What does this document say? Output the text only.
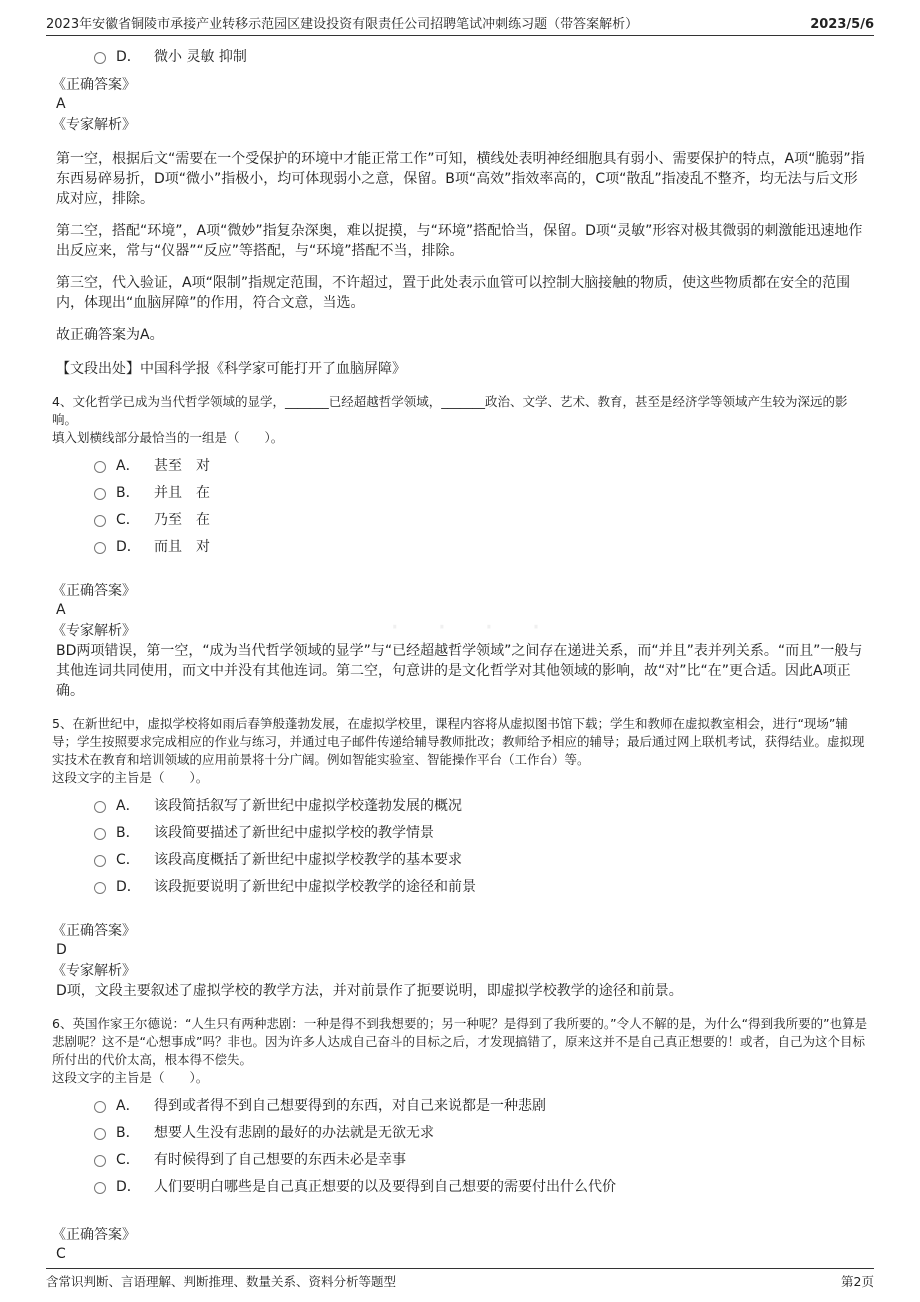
2023年安徽省铜陵市承接产业转移示范园区建设投资有限责任公司招聘笔试冲刺练习题（带答案解析）	2023/5/6
· · · ·
D． 微小 灵敏 抑制
《正确答案》
A
《专家解析》
第一空，根据后文“需要在一个受保护的环境中才能正常工作”可知，横线处表明神经细胞具有弱小、需要保护的特点，A项“脆弱”指东西易碎易折，D项“微小”指极小，均可体现弱小之意，保留。B项“高效”指效率高的，C项“散乱”指凌乱不整齐，均无法与后文形成对应，排除。
第二空，搭配“环境”，A项“微妙”指复杂深奥，难以捉摸，与“环境”搭配恰当，保留。D项“灵敏”形容对极其微弱的刺激能迅速地作出反应来，常与“仪器”“反应”等搭配，与“环境”搭配不当，排除。
第三空，代入验证，A项“限制”指规定范围，不许超过，置于此处表示血管可以控制大脑接触的物质，使这些物质都在安全的范围内，体现出“血脑屏障”的作用，符合文意，当选。
故正确答案为A。
【文段出处】中国科学报《科学家可能打开了血脑屏障》
4、文化哲学已成为当代哲学领域的显学，_______已经超越哲学领域，_______政治、文学、艺术、教育，甚至是经济学等领域产生较为深远的影响。
填入划横线部分最恰当的一组是（　　）。
A．	甚至　对
B．	并且　在
C．	乃至　在
D． 而且　对
《正确答案》
A
《专家解析》
BD两项错误，第一空，“成为当代哲学领域的显学”与“已经超越哲学领域”之间存在递进关系，而“并且”表并列关系。“而且”一般与其他连词共同使用，而文中并没有其他连词。第二空，句意讲的是文化哲学对其他领域的影响，故“对”比“在”更合适。因此A项正确。
5、在新世纪中，虚拟学校将如雨后春笋般蓬勃发展，在虚拟学校里，课程内容将从虚拟图书馆下载；学生和教师在虚拟教室相会，进行“现场”辅导；学生按照要求完成相应的作业与练习，并通过电子邮件传递给辅导教师批改；教师给予相应的辅导；最后通过网上联机考试，获得结业。虚拟现实技术在教育和培训领域的应用前景将十分广阔。例如智能实验室、智能操作平台（工作台）等。
这段文字的主旨是（　　）。
A．	该段简括叙写了新世纪中虚拟学校蓬勃发展的概况
B．	该段简要描述了新世纪中虚拟学校的教学情景
C．	该段高度概括了新世纪中虚拟学校教学的基本要求
D． 该段扼要说明了新世纪中虚拟学校教学的途径和前景
《正确答案》
D
《专家解析》
D项，文段主要叙述了虚拟学校的教学方法，并对前景作了扼要说明，即虚拟学校教学的途径和前景。
6、英国作家王尔德说：“人生只有两种悲剧：一种是得不到我想要的；另一种呢？是得到了我所要的。”令人不解的是，为什么“得到我所要的”也算是悲剧呢？这不是“心想事成”吗？非也。因为许多人达成自己奋斗的目标之后，才发现搞错了，原来这并不是自己真正想要的！或者，自己为这个目标所付出的代价太高，根本得不偿失。
这段文字的主旨是（　　）。
A．	得到或者得不到自己想要得到的东西，对自己来说都是一种悲剧
B．	想要人生没有悲剧的最好的办法就是无欲无求
C．	有时候得到了自己想要的东西未必是幸事
D． 人们要明白哪些是自己真正想要的以及要得到自己想要的需要付出什么代价
《正确答案》
C
含常识判断、言语理解、判断推理、数量关系、资料分析等题型	第2页
